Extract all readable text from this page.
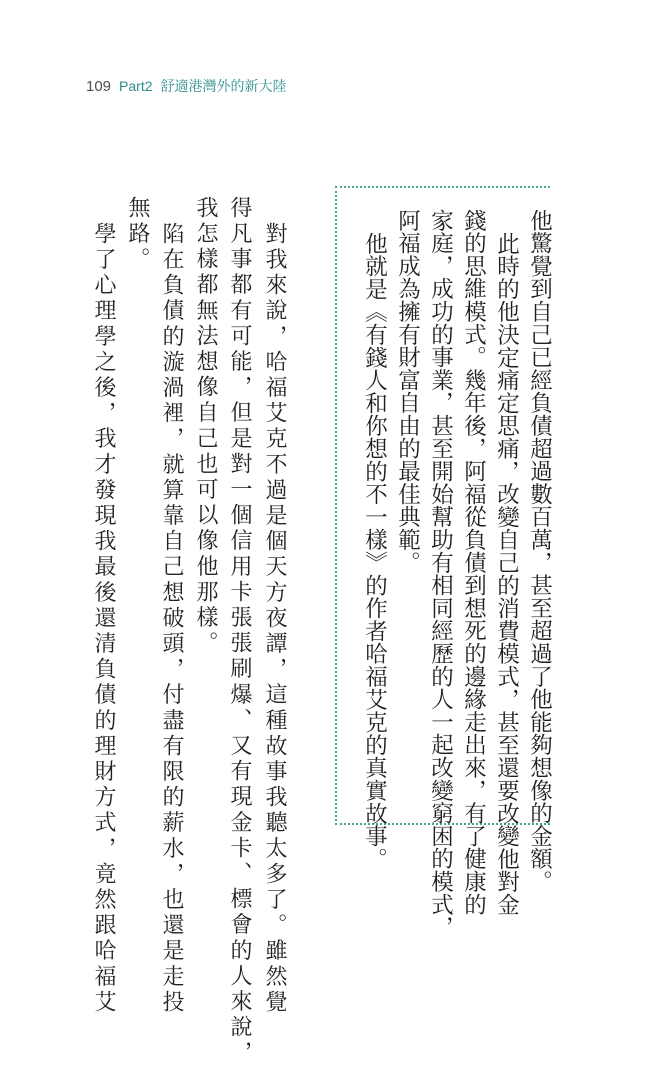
109 Part2 舒適港灣外的新大陸
他驚覺到自己已經負債超過數百萬，甚至超過了他能夠想像的金額。
此時的他決定痛定思痛，改變自己的消費模式，甚至還要改變他對金
錢的思維模式。幾年後，阿福從負債到想死的邊緣走出來，有了健康的
家庭，成功的事業，甚至開始幫助有相同經歷的人一起改變窮困的模式，
阿福成為擁有財富自由的最佳典範。
他就是《有錢人和你想的不一樣》的作者哈福艾克的真實故事。
對我來說，哈福艾克不過是個天方夜譚，這種故事我聽太多了。雖然覺
得凡事都有可能，但是對一個信用卡張張刷爆、又有現金卡、標會的人來說，
我怎樣都無法想像自己也可以像他那樣。
陷在負債的漩渦裡，就算靠自己想破頭，付盡有限的薪水，也還是走投
無路。
學了心理學之後，我才發現我最後還清負債的理財方式，竟然跟哈福艾
